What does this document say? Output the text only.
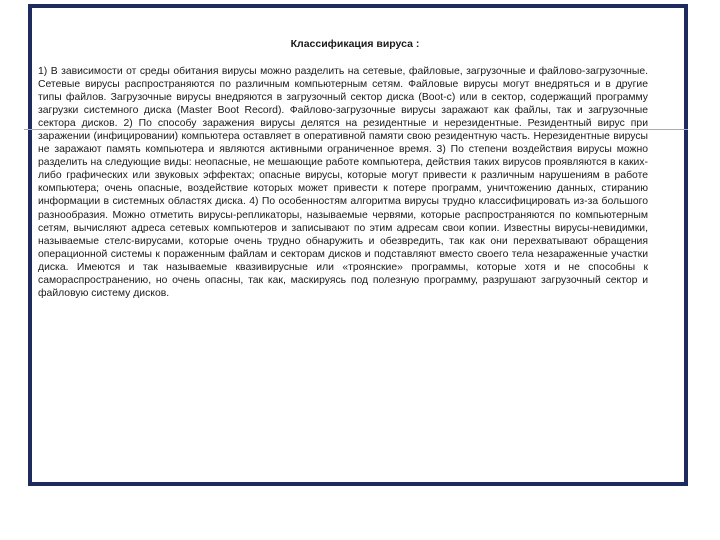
Классификация вируса :

1) В зависимости от среды обитания вирусы можно разделить на сетевые, файловые, загрузочные и файлово-загрузочные. Сетевые вирусы распространяются по различным компьютерным сетям. Файловые вирусы могут внедряться и в другие типы файлов. Загрузочные вирусы внедряются в загрузочный сектор диска (Boot-c) или в сектор, содержащий программу загрузки системного диска (Master Boot Record). Файлово-загрузочные вирусы заражают как файлы, так и загрузочные сектора дисков. 2) По способу заражения вирусы делятся на резидентные и нерезидентные. Резидентный вирус при заражении (инфицировании) компьютера оставляет в оперативной памяти свою резидентную часть. Нерезидентные вирусы не заражают память компьютера и являются активными ограниченное время. 3) По степени воздействия вирусы можно разделить на следующие виды: неопасные, не мешающие работе компьютера, действия таких вирусов проявляются в каких-либо графических или звуковых эффектах; опасные вирусы, которые могут привести к различным нарушениям в работе компьютера; очень опасные, воздействие которых может привести к потере программ, уничтожению данных, стиранию информации в системных областях диска. 4) По особенностям алгоритма вирусы трудно классифицировать из-за большого разнообразия. Можно отметить вирусы-репликаторы, называемые червями, которые распространяются по компьютерным сетям, вычисляют адреса сетевых компьютеров и записывают по этим адресам свои копии. Известны вирусы-невидимки, называемые стелс-вирусами, которые очень трудно обнаружить и обезвредить, так как они перехватывают обращения операционной системы к пораженным файлам и секторам дисков и подставляют вместо своего тела незараженные участки диска. Имеются и так называемые квазивирусные или «троянские» программы, которые хотя и не способны к самораспространению, но очень опасны, так как, маскируясь под полезную программу, разрушают загрузочный сектор и файловую систему дисков.
